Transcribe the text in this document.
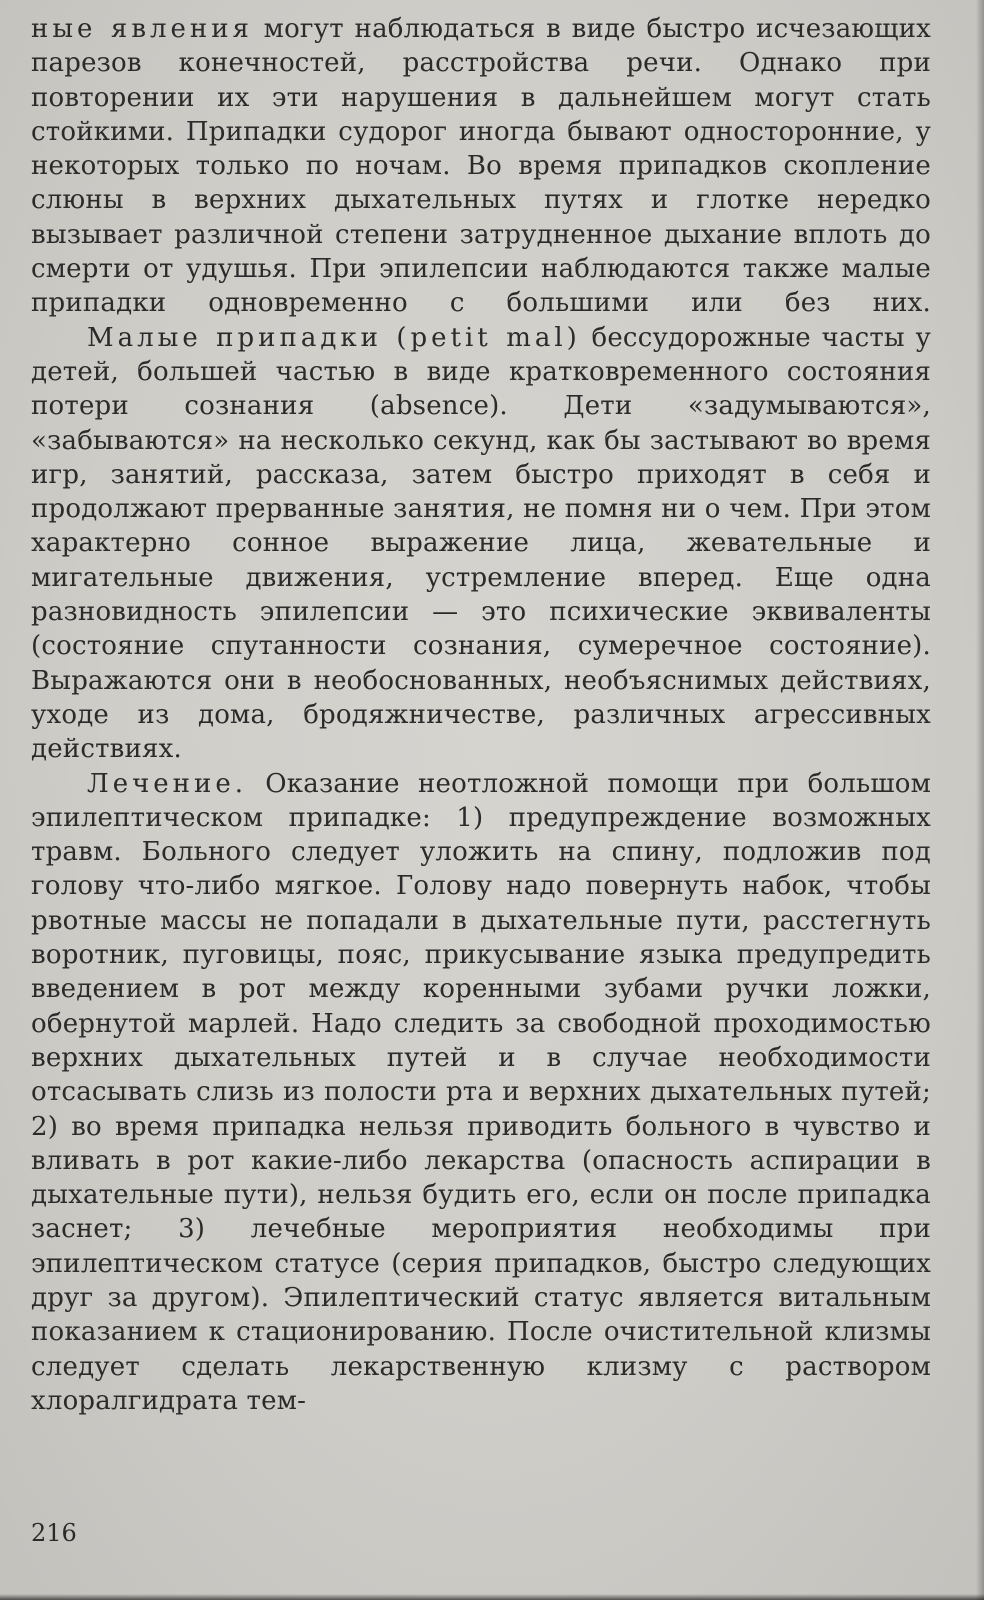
ные явления могут наблюдаться в виде быстро исчезающих парезов конечностей, расстройства речи. Однако при повторении их эти нарушения в дальнейшем могут стать стойкими. Припадки судорог иногда бывают односторонние, у некоторых только по ночам. Во время припадков скопление слюны в верхних дыхательных путях и глотке нередко вызывает различной степени затрудненное дыхание вплоть до смерти от удушья. При эпилепсии наблюдаются также малые припадки одновременно с большими или без них.

Малые припадки (petit mal) бессудорожные часты у детей, большей частью в виде кратковременного состояния потери сознания (absence). Дети «задумываются», «забываются» на несколько секунд, как бы застывают во время игр, занятий, рассказа, затем быстро приходят в себя и продолжают прерванные занятия, не помня ни о чем. При этом характерно сонное выражение лица, жевательные и мигательные движения, устремление вперед. Еще одна разновидность эпилепсии — это психические эквиваленты (состояние спутанности сознания, сумеречное состояние). Выражаются они в необоснованных, необъяснимых действиях, уходе из дома, бродяжничестве, различных агрессивных действиях.

Лечение. Оказание неотложной помощи при большом эпилептическом припадке: 1) предупреждение возможных травм. Больного следует уложить на спину, подложив под голову что-либо мягкое. Голову надо повернуть набок, чтобы рвотные массы не попадали в дыхательные пути, расстегнуть воротник, пуговицы, пояс, прикусывание языка предупредить введением в рот между коренными зубами ручки ложки, обернутой марлей. Надо следить за свободной проходимостью верхних дыхательных путей и в случае необходимости отсасывать слизь из полости рта и верхних дыхательных путей; 2) во время припадка нельзя приводить больного в чувство и вливать в рот какие-либо лекарства (опасность аспирации в дыхательные пути), нельзя будить его, если он после припадка заснет; 3) лечебные мероприятия необходимы при эпилептическом статусе (серия припадков, быстро следующих друг за другом). Эпилептический статус является витальным показанием к стационированию. После очистительной клизмы следует сделать лекарственную клизму с раствором хлоралгидрата тем-

216
